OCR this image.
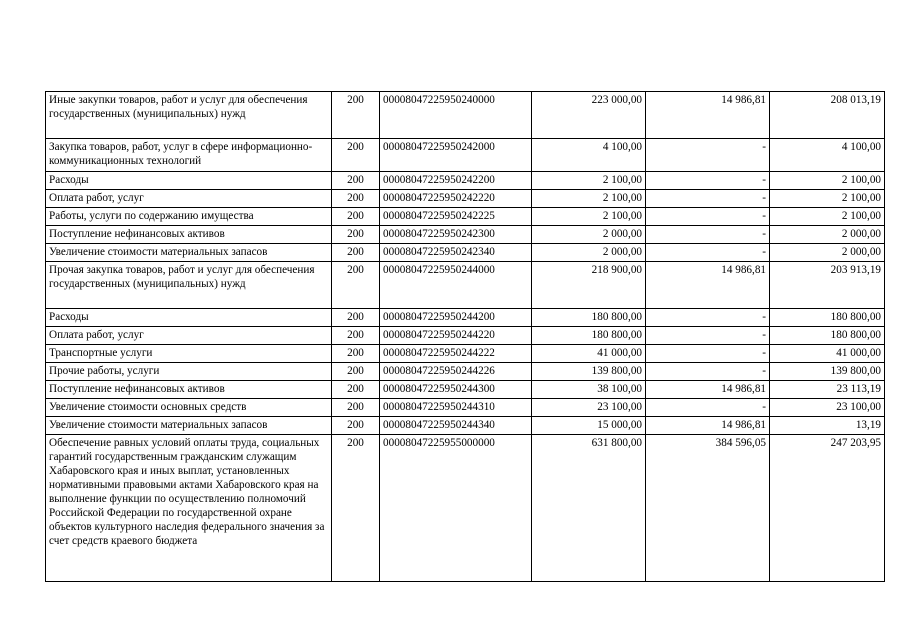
Иные закупки товаров, работ и услуг для обеспечения государственных (муниципальных) нужд	200	00008047225950240000	223 000,00	14 986,81	208 013,19
Закупка товаров, работ, услуг в сфере информационно-коммуникационных технологий	200	00008047225950242000	4 100,00	-	4 100,00
Расходы	200	00008047225950242200	2 100,00	-	2 100,00
Оплата работ, услуг	200	00008047225950242220	2 100,00	-	2 100,00
Работы, услуги по содержанию имущества	200	00008047225950242225	2 100,00	-	2 100,00
Поступление нефинансовых активов	200	00008047225950242300	2 000,00	-	2 000,00
Увеличение стоимости материальных запасов	200	00008047225950242340	2 000,00	-	2 000,00
Прочая закупка товаров, работ и услуг для обеспечения государственных (муниципальных) нужд	200	00008047225950244000	218 900,00	14 986,81	203 913,19
Расходы	200	00008047225950244200	180 800,00	-	180 800,00
Оплата работ, услуг	200	00008047225950244220	180 800,00	-	180 800,00
Транспортные услуги	200	00008047225950244222	41 000,00	-	41 000,00
Прочие работы, услуги	200	00008047225950244226	139 800,00	-	139 800,00
Поступление нефинансовых активов	200	00008047225950244300	38 100,00	14 986,81	23 113,19
Увеличение стоимости основных средств	200	00008047225950244310	23 100,00	-	23 100,00
Увеличение стоимости материальных запасов	200	00008047225950244340	15 000,00	14 986,81	13,19
Обеспечение равных условий оплаты труда, социальных гарантий государственным гражданским служащим Хабаровского края и иных выплат, установленных нормативными правовыми актами Хабаровского края на выполнение функции по осуществлению полномочий Российской Федерации по государственной охране объектов культурного наследия федерального значения за счет средств краевого бюджета	200	00008047225955000000	631 800,00	384 596,05	247 203,95
